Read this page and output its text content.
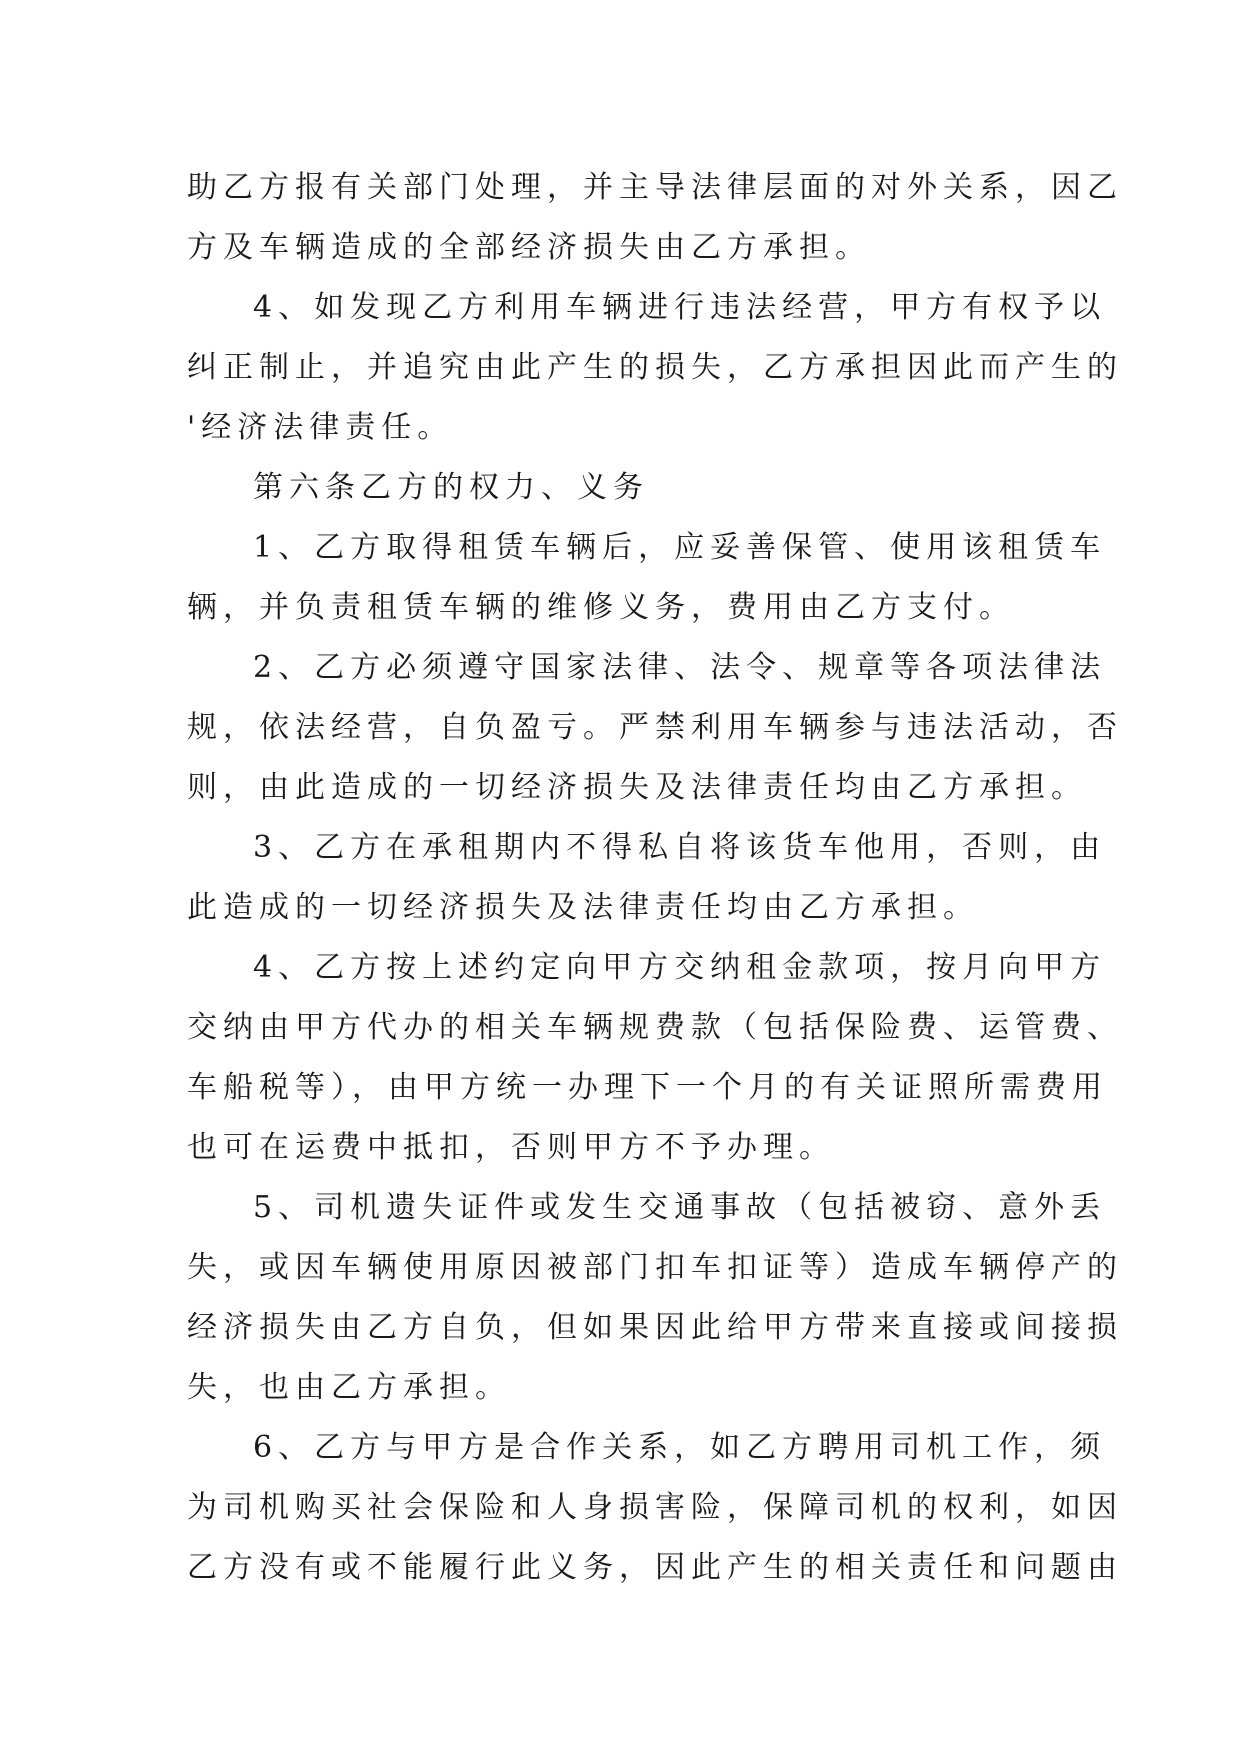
助乙方报有关部门处理，并主导法律层面的对外关系，因乙
方及车辆造成的全部经济损失由乙方承担。
4、如发现乙方利用车辆进行违法经营，甲方有权予以
纠正制止，并追究由此产生的损失，乙方承担因此而产生的
'经济法律责任。
第六条乙方的权力、义务
1、乙方取得租赁车辆后，应妥善保管、使用该租赁车
辆，并负责租赁车辆的维修义务，费用由乙方支付。
2、乙方必须遵守国家法律、法令、规章等各项法律法
规，依法经营，自负盈亏。严禁利用车辆参与违法活动，否
则，由此造成的一切经济损失及法律责任均由乙方承担。
3、乙方在承租期内不得私自将该货车他用，否则，由
此造成的一切经济损失及法律责任均由乙方承担。
4、乙方按上述约定向甲方交纳租金款项，按月向甲方
交纳由甲方代办的相关车辆规费款（包括保险费、运管费、
车船税等），由甲方统一办理下一个月的有关证照所需费用
也可在运费中抵扣，否则甲方不予办理。
5、司机遗失证件或发生交通事故（包括被窃、意外丢
失，或因车辆使用原因被部门扣车扣证等）造成车辆停产的
经济损失由乙方自负，但如果因此给甲方带来直接或间接损
失，也由乙方承担。
6、乙方与甲方是合作关系，如乙方聘用司机工作，须
为司机购买社会保险和人身损害险，保障司机的权利，如因
乙方没有或不能履行此义务，因此产生的相关责任和问题由
